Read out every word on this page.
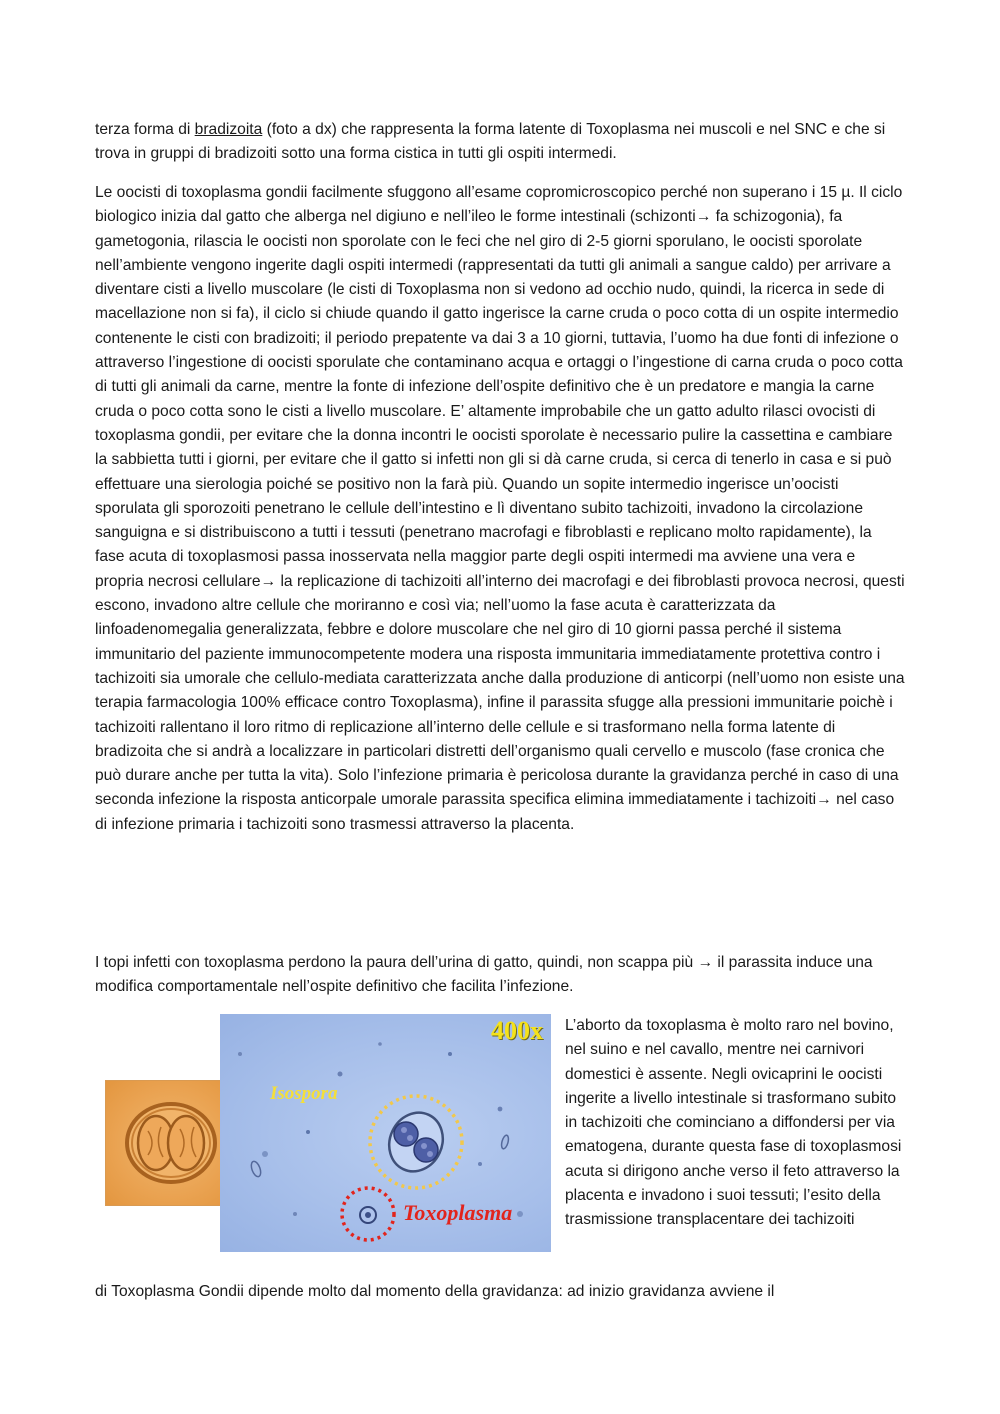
terza forma di bradizoita (foto a dx) che rappresenta la forma latente di Toxoplasma nei muscoli e nel SNC e che si trova in gruppi di bradizoiti sotto una forma cistica in tutti gli ospiti intermedi.

Le oocisti di toxoplasma gondii facilmente sfuggono all’esame copromicroscopico perché non superano i 15 µ. Il ciclo biologico inizia dal gatto che alberga nel digiuno e nell’ileo le forme intestinali (schizonti→ fa schizogonia), fa gametogonia, rilascia le oocisti non sporolate con le feci che nel giro di 2-5 giorni sporulano, le oocisti sporolate nell’ambiente vengono ingerite dagli ospiti intermedi (rappresentati da tutti gli animali a sangue caldo) per arrivare a diventare cisti a livello muscolare (le cisti di Toxoplasma non si vedono ad occhio nudo, quindi, la ricerca in sede di macellazione non si fa), il ciclo si chiude quando il gatto ingerisce la carne cruda o poco cotta di un ospite intermedio contenente le cisti con bradizoiti; il periodo prepatente va dai 3 a 10 giorni, tuttavia, l’uomo ha due fonti di infezione o attraverso l’ingestione di oocisti sporulate che contaminano acqua e ortaggi o l’ingestione di carna cruda o poco cotta di tutti gli animali da carne, mentre la fonte di infezione dell’ospite definitivo che è un predatore e mangia la carne cruda o poco cotta sono le cisti a livello muscolare. E’ altamente improbabile che un gatto adulto rilasci ovocisti di toxoplasma gondii, per evitare che la donna incontri le oocisti sporolate è necessario pulire la cassettina e cambiare la sabbietta tutti i giorni, per evitare che il gatto si infetti non gli si dà carne cruda, si cerca di tenerlo in casa e si può effettuare una sierologia poiché se positivo non la farà più. Quando un sopite intermedio ingerisce un’oocisti sporulata gli sporozoiti penetrano le cellule dell’intestino e lì diventano subito tachizoiti, invadono la circolazione sanguigna e si distribuiscono a tutti i tessuti (penetrano macrofagi e fibroblasti e replicano molto rapidamente), la fase acuta di toxoplasmosi passa inosservata nella maggior parte degli ospiti intermedi ma avviene una vera e propria necrosi cellulare→ la replicazione di tachizoiti all’interno dei macrofagi e dei fibroblasti provoca necrosi, questi escono, invadono altre cellule che moriranno e così via; nell’uomo la fase acuta è caratterizzata da linfoadenomegalia generalizzata, febbre e dolore muscolare che nel giro di 10 giorni passa perché il sistema immunitario del paziente immunocompetente modera una risposta immunitaria immediatamente protettiva contro i tachizoiti sia umorale che cellulo-mediata caratterizzata anche dalla produzione di anticorpi (nell’uomo non esiste una terapia farmacologia 100% efficace contro Toxoplasma), infine il parassita sfugge alla pressioni immunitarie poichè i tachizoiti rallentano il loro ritmo di replicazione all’interno delle cellule e si trasformano nella forma latente di bradizoita che si andrà a localizzare in particolari distretti dell’organismo quali cervello e muscolo (fase cronica che può durare anche per tutta la vita). Solo l’infezione primaria è pericolosa durante la gravidanza perché in caso di una seconda infezione la risposta anticorpale umorale parassita specifica elimina immediatamente i tachizoiti→ nel caso di infezione primaria i tachizoiti sono trasmessi attraverso la placenta.

I topi infetti con toxoplasma perdono la paura dell’urina di gatto, quindi, non scappa più → il parassita induce una modifica comportamentale nell’ospite definitivo che facilita l’infezione.

400x
Isospora
Toxoplasma

L’aborto da toxoplasma è molto raro nel bovino, nel suino e nel cavallo, mentre nei carnivori domestici è assente. Negli ovicaprini le oocisti ingerite a livello intestinale si trasformano subito in tachizoiti che cominciano a diffondersi per via ematogena, durante questa fase di toxoplasmosi acuta si dirigono anche verso il feto attraverso la placenta e invadono i suoi tessuti; l’esito della trasmissione transplacentare dei tachizoiti

di Toxoplasma Gondii dipende molto dal momento della gravidanza: ad inizio gravidanza avviene il
